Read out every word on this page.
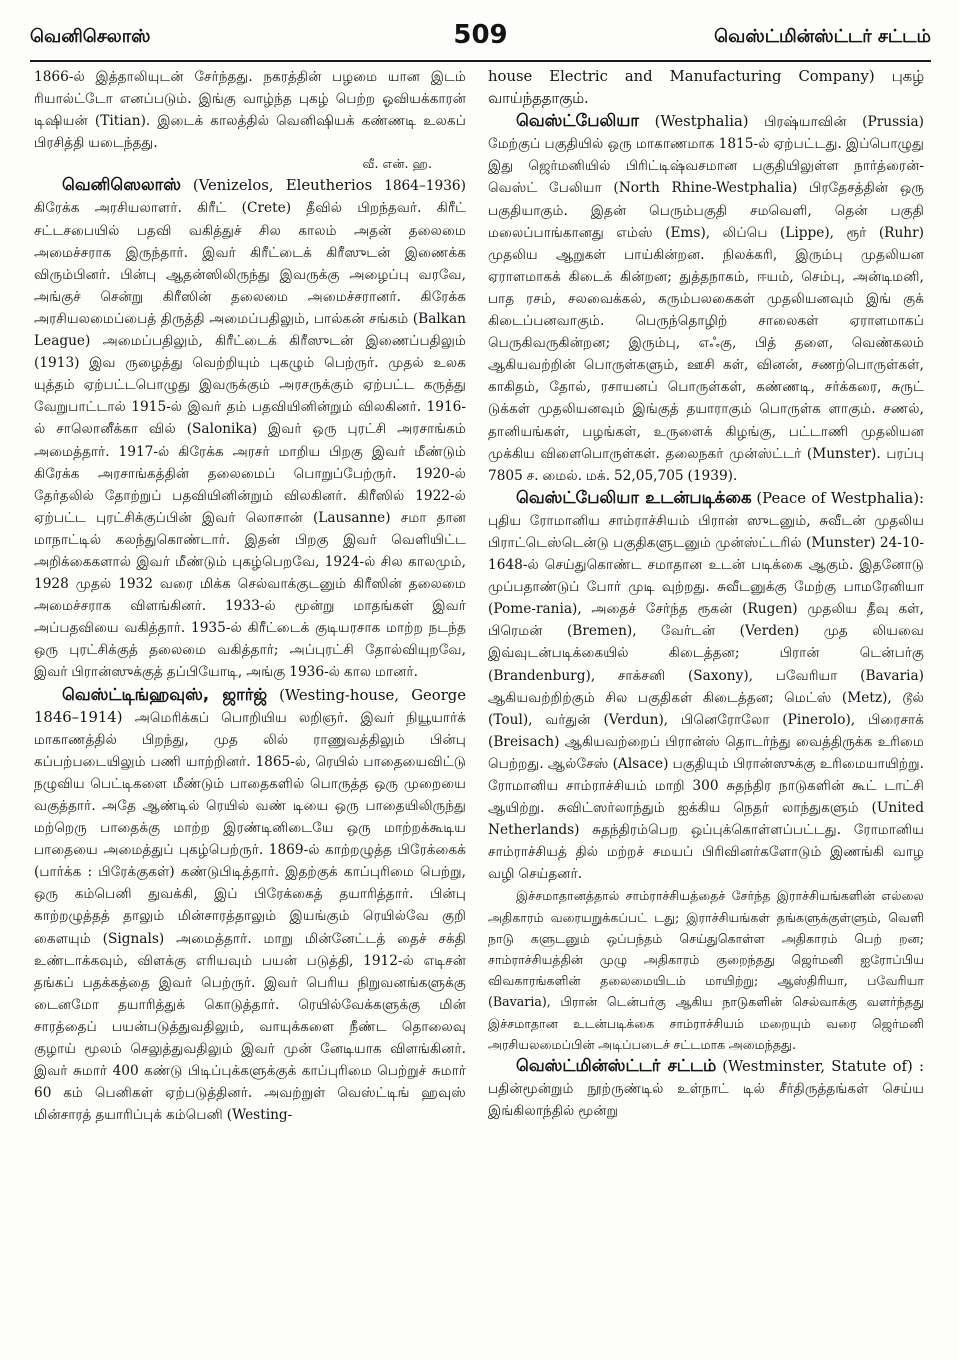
வெனிசெலாஸ்	509	வெஸ்ட்மின்ஸ்ட்டர் சட்டம்

1866-ல் இத்தாலியுடன் சேர்ந்தது. நகரத்தின் பழமை யான இடம் ரியால்ட்டோ எனப்படும். இங்கு வாழ்ந்த புகழ் பெற்ற ஓவியக்காரன் டிஷியன் (Titian). இடைக் காலத்தில் வெனிஷியக் கண்ணடி உலகப் பிரசித்தி யடைந்தது.

வீ. என். ஹ.

வெனிஸெலாஸ் (Venizelos, Eleutherios 1864–1936) கிரேக்க அரசியலாளர். கிரீட் (Crete) தீவில் பிறந்தவர். கிரீட் சட்டசபையில் பதவி வகித்துச் சில காலம் அதன் தலைமை அமைச்சராக இருந்தார். இவர் கிரீட்டைக் கிரீஸுடன் இணைக்க விரும்பினர். பின்பு ஆதன்ஸிலிருந்து இவருக்கு அழைப்பு வரவே, அங்குச் சென்று கிரீஸின் தலைமை அமைச்சரானர். கிரேக்க அரசியலமைப்பைத் திருத்தி அமைப்பதிலும், பால்கன் சங்கம் (Balkan League) அமைப்பதிலும், கிரீட்டைக் கிரீஸுடன் இணைப்பதிலும் (1913) இவ ருழைத்து வெற்றியும் புகழும் பெற்ருர். முதல் உலக யுத்தம் ஏற்பட்டபொழுது இவருக்கும் அரசருக்கும் ஏற்பட்ட கருத்து வேறுபாட்டால் 1915-ல் இவர் தம் பதவியினின்றும் விலகினர். 1916-ல் சாலொனீக்கா வில் (Salonika) இவர் ஒரு புரட்சி அரசாங்கம் அமைத்தார். 1917-ல் கிரேக்க அரசர் மாறிய பிறகு இவர் மீண்டும் கிரேக்க அரசாங்கத்தின் தலைமைப் பொறுப்பேற்ருர். 1920-ல் தேர்தலில் தோற்றுப் பதவியினின்றும் விலகினர். கிரீஸில் 1922-ல் ஏற்பட்ட புரட்சிக்குப்பின் இவர் லொசான் (Lausanne) சமா தான மாநாட்டில் கலந்துகொண்டார். இதன் பிறகு இவர் வெளியிட்ட அறிக்கைகளால் இவர் மீண்டும் புகழ்பெறவே, 1924-ல் சில காலமும், 1928 முதல் 1932 வரை மிக்க செல்வாக்குடனும் கிரீஸின் தலைமை அமைச்சராக விளங்கினர். 1933-ல் மூன்று மாதங்கள் இவர் அப்பதவியை வகித்தார். 1935-ல் கிரீட்டைக் குடியரசாக மாற்ற நடந்த ஒரு புரட்சிக்குத் தலைமை வகித்தார்; அப்புரட்சி தோல்வியுறவே, இவர் பிரான்ஸுக்குத் தப்பியோடி, அங்கு 1936-ல் கால மானர்.

வெஸ்ட்டிங்ஹவுஸ், ஜார்ஜ் (Westing-house, George 1846–1914) அமெரிக்கப் பொறியிய லறிஞர். இவர் நியூயார்க் மாகாணத்தில் பிறந்து, முத லில் ராணுவத்திலும் பின்பு கப்பற்படையிலும் பணி யாற்றினர். 1865-ல், ரெயில் பாதையைவிட்டு நழுவிய பெட்டிகளை மீண்டும் பாதைகளில் பொருத்த ஒரு முறையை வகுத்தார். அதே ஆண்டில் ரெயில் வண் டியை ஒரு பாதையிலிருந்து மற்றெரு பாதைக்கு மாற்ற இரண்டினிடையே ஒரு மாற்றக்கூடிய பாதையை அமைத்துப் புகழ்பெற்ருர். 1869-ல் காற்றழுத்த பிரேக்கைக் (பார்க்க : பிரேக்குகள்) கண்டுபிடித்தார். இதற்குக் காப்புரிமை பெற்று, ஒரு கம்பெனி துவக்கி, இப் பிரேக்கைத் தயாரித்தார். பின்பு காற்றழுத்தத் தாலும் மின்சாரத்தாலும் இயங்கும் ரெயில்வே குறி கைளயும் (Signals) அமைத்தார். மாறு மின்னேட்டத் தைச் சக்தி உண்டாக்கவும், விளக்கு எரியவும் பயன் படுத்தி, 1912-ல் எடிசன் தங்கப் பதக்கத்தை இவர் பெற்ருர். இவர் பெரிய நிறுவனங்களுக்கு டைனமோ தயாரித்துக் கொடுத்தார். ரெயில்வேக்களுக்கு மின் சாரத்தைப் பயன்படுத்துவதிலும், வாயுக்களை நீண்ட தொலைவு குழாய் மூலம் செலுத்துவதிலும் இவர் முன் னேடியாக விளங்கினர். இவர் சுமார் 400 கண்டு பிடிப்புக்களுக்குக் காப்புரிமை பெற்றுச் சுமார் 60 கம் பெனிகள் ஏற்படுத்தினர். அவற்றுள் வெஸ்ட்டிங் ஹவுஸ் மின்சாரத் தயாரிப்புக் கம்பெனி (Westing-

house Electric and Manufacturing Company) புகழ் வாய்ந்ததாகும்.

வெஸ்ட்பேலியா (Westphalia) பிரஷ்யாவின் (Prussia) மேற்குப் பகுதியில் ஒரு மாகாணமாக 1815-ல் ஏற்பட்டது. இப்பொழுது இது ஜெர்மனியில் பிரிட்டிஷ்வசமான பகுதியிலுள்ள நார்த்ரைன்-வெஸ்ட் பேலியா (North Rhine-Westphalia) பிரதேசத்தின் ஒரு பகுதியாகும். இதன் பெரும்பகுதி சமவெளி, தென் பகுதி மலைப்பாங்கானது எம்ஸ் (Ems), லிப்பெ (Lippe), ரூர் (Ruhr) முதலிய ஆறுகள் பாய்கின்றன. நிலக்கரி, இரும்பு முதலியன ஏராளமாகக் கிடைக் கின்றன; துத்தநாகம், ஈயம், செம்பு, அன்டிமனி, பாத ரசம், சலவைக்கல், கரும்பலகைகள் முதலியனவும் இங் குக் கிடைப்பனவாகும். பெருந்தொழிற் சாலைகள் ஏராளமாகப் பெருகிவருகின்றன; இரும்பு, எஃகு, பித் தளை, வெண்கலம் ஆகியவற்றின் பொருள்களும், ஊசி கள், வினன், சணற்பொருள்கள், காகிதம், தோல், ரசாயனப் பொருள்கள், கண்ணடி, சர்க்கரை, சுருட் டுக்கள் முதலியனவும் இங்குத் தயாராகும் பொருள்க ளாகும். சணல், தானியங்கள், பழங்கள், உருளைக் கிழங்கு, பட்டாணி முதலியன முக்கிய விளைபொருள்கள். தலைநகர் முன்ஸ்ட்டர் (Munster). பரப்பு 7805 ச. மைல். மக். 52,05,705 (1939).

வெஸ்ட்பேலியா உடன்படிக்கை (Peace of Westphalia): புதிய ரோமானிய சாம்ராச்சியம் பிரான் ஸுடனும், சுவீடன் முதலிய பிராட்டெஸ்டென்டு பகுதிகளுடனும் முன்ஸ்ட்டரில் (Munster) 24-10-1648-ல் செய்துகொண்ட சமாதான உடன் படிக்கை ஆகும். இதனோடு முப்பதாண்டுப் போர் முடி வுற்றது. சுவீடனுக்கு மேற்கு பாமரேனியா (Pome-rania), அதைச் சேர்ந்த ரூகன் (Rugen) முதலிய தீவு கள், பிரெமன் (Bremen), வேர்டன் (Verden) முத லியவை இவ்வுடன்படிக்கையில் கிடைத்தன; பிரான் டென்பர்கு (Brandenburg), சாக்சனி (Saxony), பவேரியா (Bavaria) ஆகியவற்றிற்கும் சில பகுதிகள் கிடைத்தன; மெட்ஸ் (Metz), டூல் (Toul), வர்துன் (Verdun), பினெரோலோ (Pinerolo), பிரைசாக் (Breisach) ஆகியவற்றைப் பிரான்ஸ் தொடர்ந்து வைத்திருக்க உரிமை பெற்றது. ஆல்சேஸ் (Alsace) பகுதியும் பிரான்ஸுக்கு உரிமையாயிற்று. ரோமானிய சாம்ராச்சியம் மாறி 300 சுதந்திர நாடுகளின் கூட் டாட்சி ஆயிற்று. சுவிட்ஸர்லாந்தும் ஐக்கிய நெதர் லாந்துகளும் (United Netherlands) சுதந்திரம்பெற ஒப்புக்கொள்ளப்பட்டது. ரோமானிய சாம்ராச்சியத் தில் மற்றச் சமயப் பிரிவினர்களோடும் இணங்கி வாழ வழி செய்தனர்.

இச்சமாதானத்தால் சாம்ராச்சியத்தைச் சேர்ந்த இராச்சியங்களின் எல்லை அதிகாரம் வரையறுக்கப்பட் டது; இராச்சியங்கள் தங்களுக்குள்ளும், வெளி நாடு களுடனும் ஒப்பந்தம் செய்துகொள்ள அதிகாரம் பெற் றன; சாம்ராச்சியத்தின் முழு அதிகாரம் குறைந்தது ஜெர்மனி ஐரோப்பிய விவகாரங்களின் தலைமையிடம் மாயிற்று; ஆஸ்திரியா, பவேரியா (Bavaria), பிரான் டென்பர்கு ஆகிய நாடுகளின் செல்வாக்கு வளர்ந்தது இச்சமாதான உடன்படிக்கை சாம்ராச்சியம் மறையும் வரை ஜெர்மனி அரசியலமைப்பின் அடிப்படைச் சட்டமாக அமைந்தது.

வெஸ்ட்மின்ஸ்ட்டர் சட்டம் (Westminster, Statute of) : பதின்மூன்றும் நூற்ருண்டில் உள்நாட் டில் சீர்திருத்தங்கள் செய்ய இங்கிலாந்தில் மூன்று
